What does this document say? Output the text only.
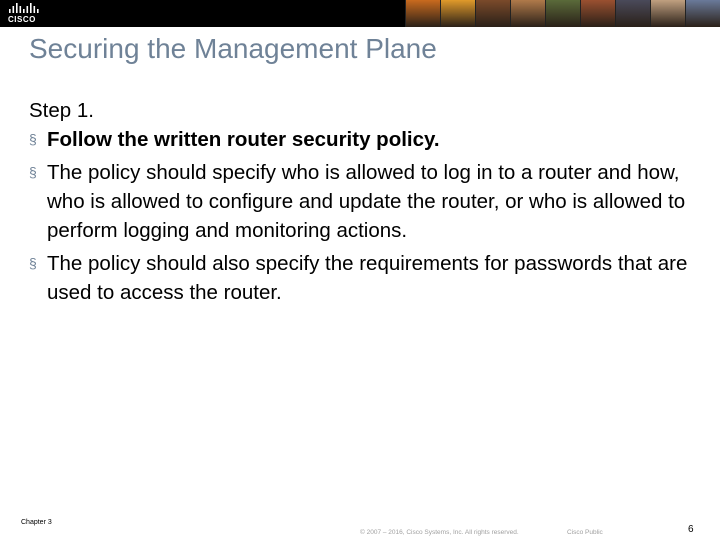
CISCO
Securing the Management Plane

Step 1.

§ Follow the written router security policy.
§ The policy should specify who is allowed to log in to a router and how, who is allowed to configure and update the router, or who is allowed to perform logging and monitoring actions.
§ The policy should also specify the requirements for passwords that are used to access the router.
Chapter 3
© 2007 – 2016, Cisco Systems, Inc. All rights reserved.	Cisco Public	6
